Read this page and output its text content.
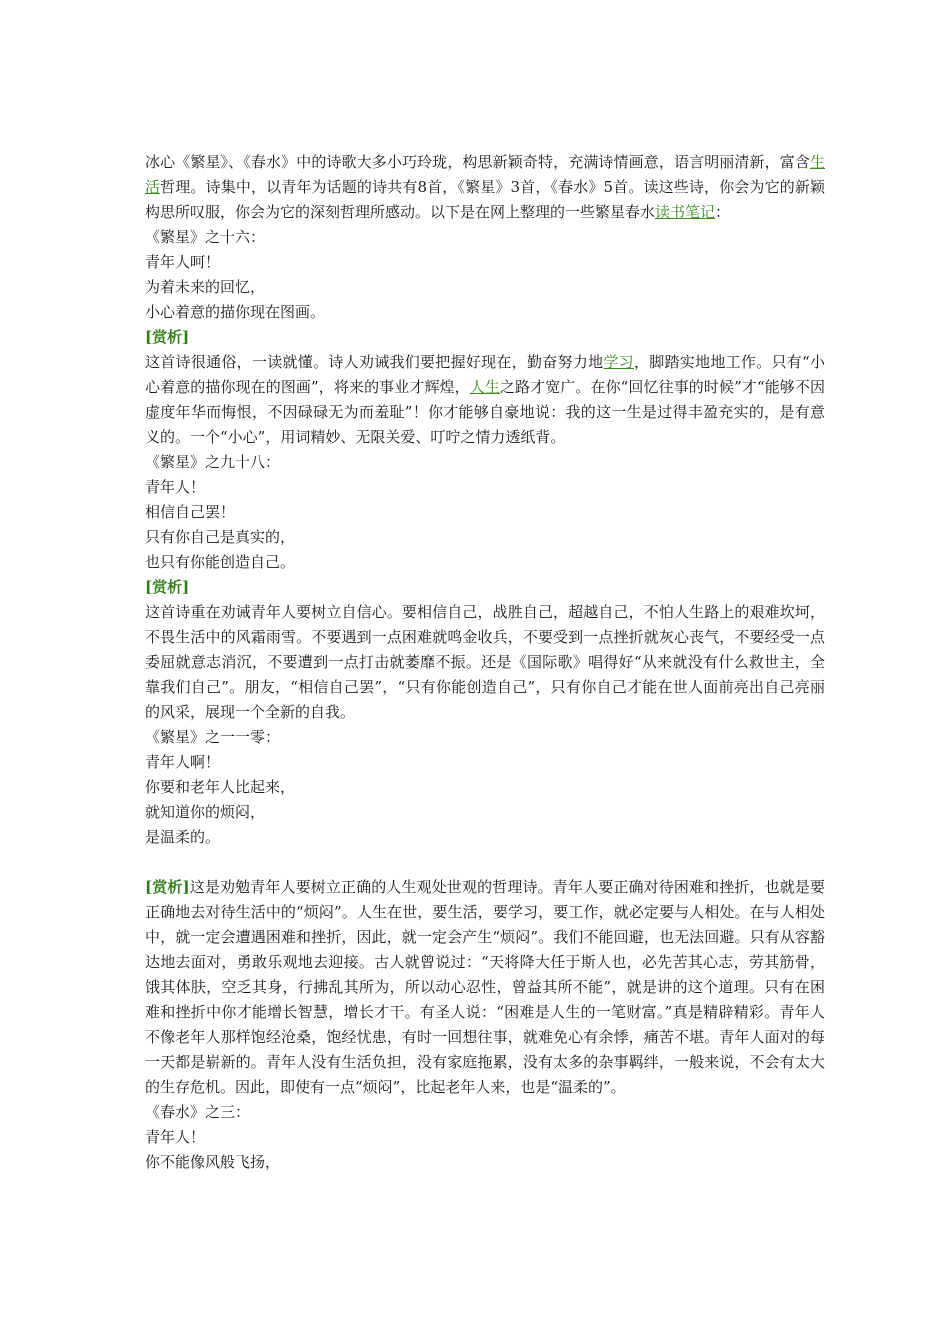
冰心《繁星》、《春水》中的诗歌大多小巧玲珑，构思新颖奇特，充满诗情画意，语言明丽清新，富含生活哲理。诗集中，以青年为话题的诗共有8首，《繁星》3首，《春水》5首。读这些诗，你会为它的新颖构思所叹服，你会为它的深刻哲理所感动。以下是在网上整理的一些繁星春水读书笔记：

《繁星》之十六：

青年人呵！

为着未来的回忆，

小心着意的描你现在图画。

[赏析]

这首诗很通俗，一读就懂。诗人劝诫我们要把握好现在，勤奋努力地学习，脚踏实地地工作。只有“小心着意的描你现在的图画”，将来的事业才辉煌，人生之路才宽广。在你“回忆往事的时候”才“能够不因虚度年华而悔恨，不因碌碌无为而羞耻”！你才能够自豪地说：我的这一生是过得丰盈充实的，是有意义的。一个“小心”，用词精妙、无限关爱、叮咛之情力透纸背。

《繁星》之九十八：

青年人！

相信自己罢！

只有你自己是真实的，

也只有你能创造自己。

[赏析]

这首诗重在劝诫青年人要树立自信心。要相信自己，战胜自己，超越自己，不怕人生路上的艰难坎坷，不畏生活中的风霜雨雪。不要遇到一点困难就鸣金收兵，不要受到一点挫折就灰心丧气，不要经受一点委屈就意志消沉，不要遭到一点打击就萎靡不振。还是《国际歌》唱得好“从来就没有什么救世主，全靠我们自己”。朋友，“相信自己罢”，“只有你能创造自己”，只有你自己才能在世人面前亮出自己亮丽的风采，展现一个全新的自我。

《繁星》之一一零：

青年人啊！

你要和老年人比起来，

就知道你的烦闷，

是温柔的。

[赏析]这是劝勉青年人要树立正确的人生观处世观的哲理诗。青年人要正确对待困难和挫折，也就是要正确地去对待生活中的“烦闷”。人生在世，要生活，要学习，要工作，就必定要与人相处。在与人相处中，就一定会遭遇困难和挫折，因此，就一定会产生“烦闷”。我们不能回避，也无法回避。只有从容豁达地去面对，勇敢乐观地去迎接。古人就曾说过：“天将降大任于斯人也，必先苦其心志，劳其筋骨，饿其体肤，空乏其身，行拂乱其所为，所以动心忍性，曾益其所不能”，就是讲的这个道理。只有在困难和挫折中你才能增长智慧，增长才干。有圣人说：“困难是人生的一笔财富。”真是精辟精彩。青年人不像老年人那样饱经沧桑，饱经忧患，有时一回想往事，就难免心有余悸，痛苦不堪。青年人面对的每一天都是崭新的。青年人没有生活负担，没有家庭拖累，没有太多的杂事羁绊，一般来说，不会有太大的生存危机。因此，即使有一点“烦闷”，比起老年人来，也是“温柔的”。

《春水》之三：

青年人！

你不能像风般飞扬，
